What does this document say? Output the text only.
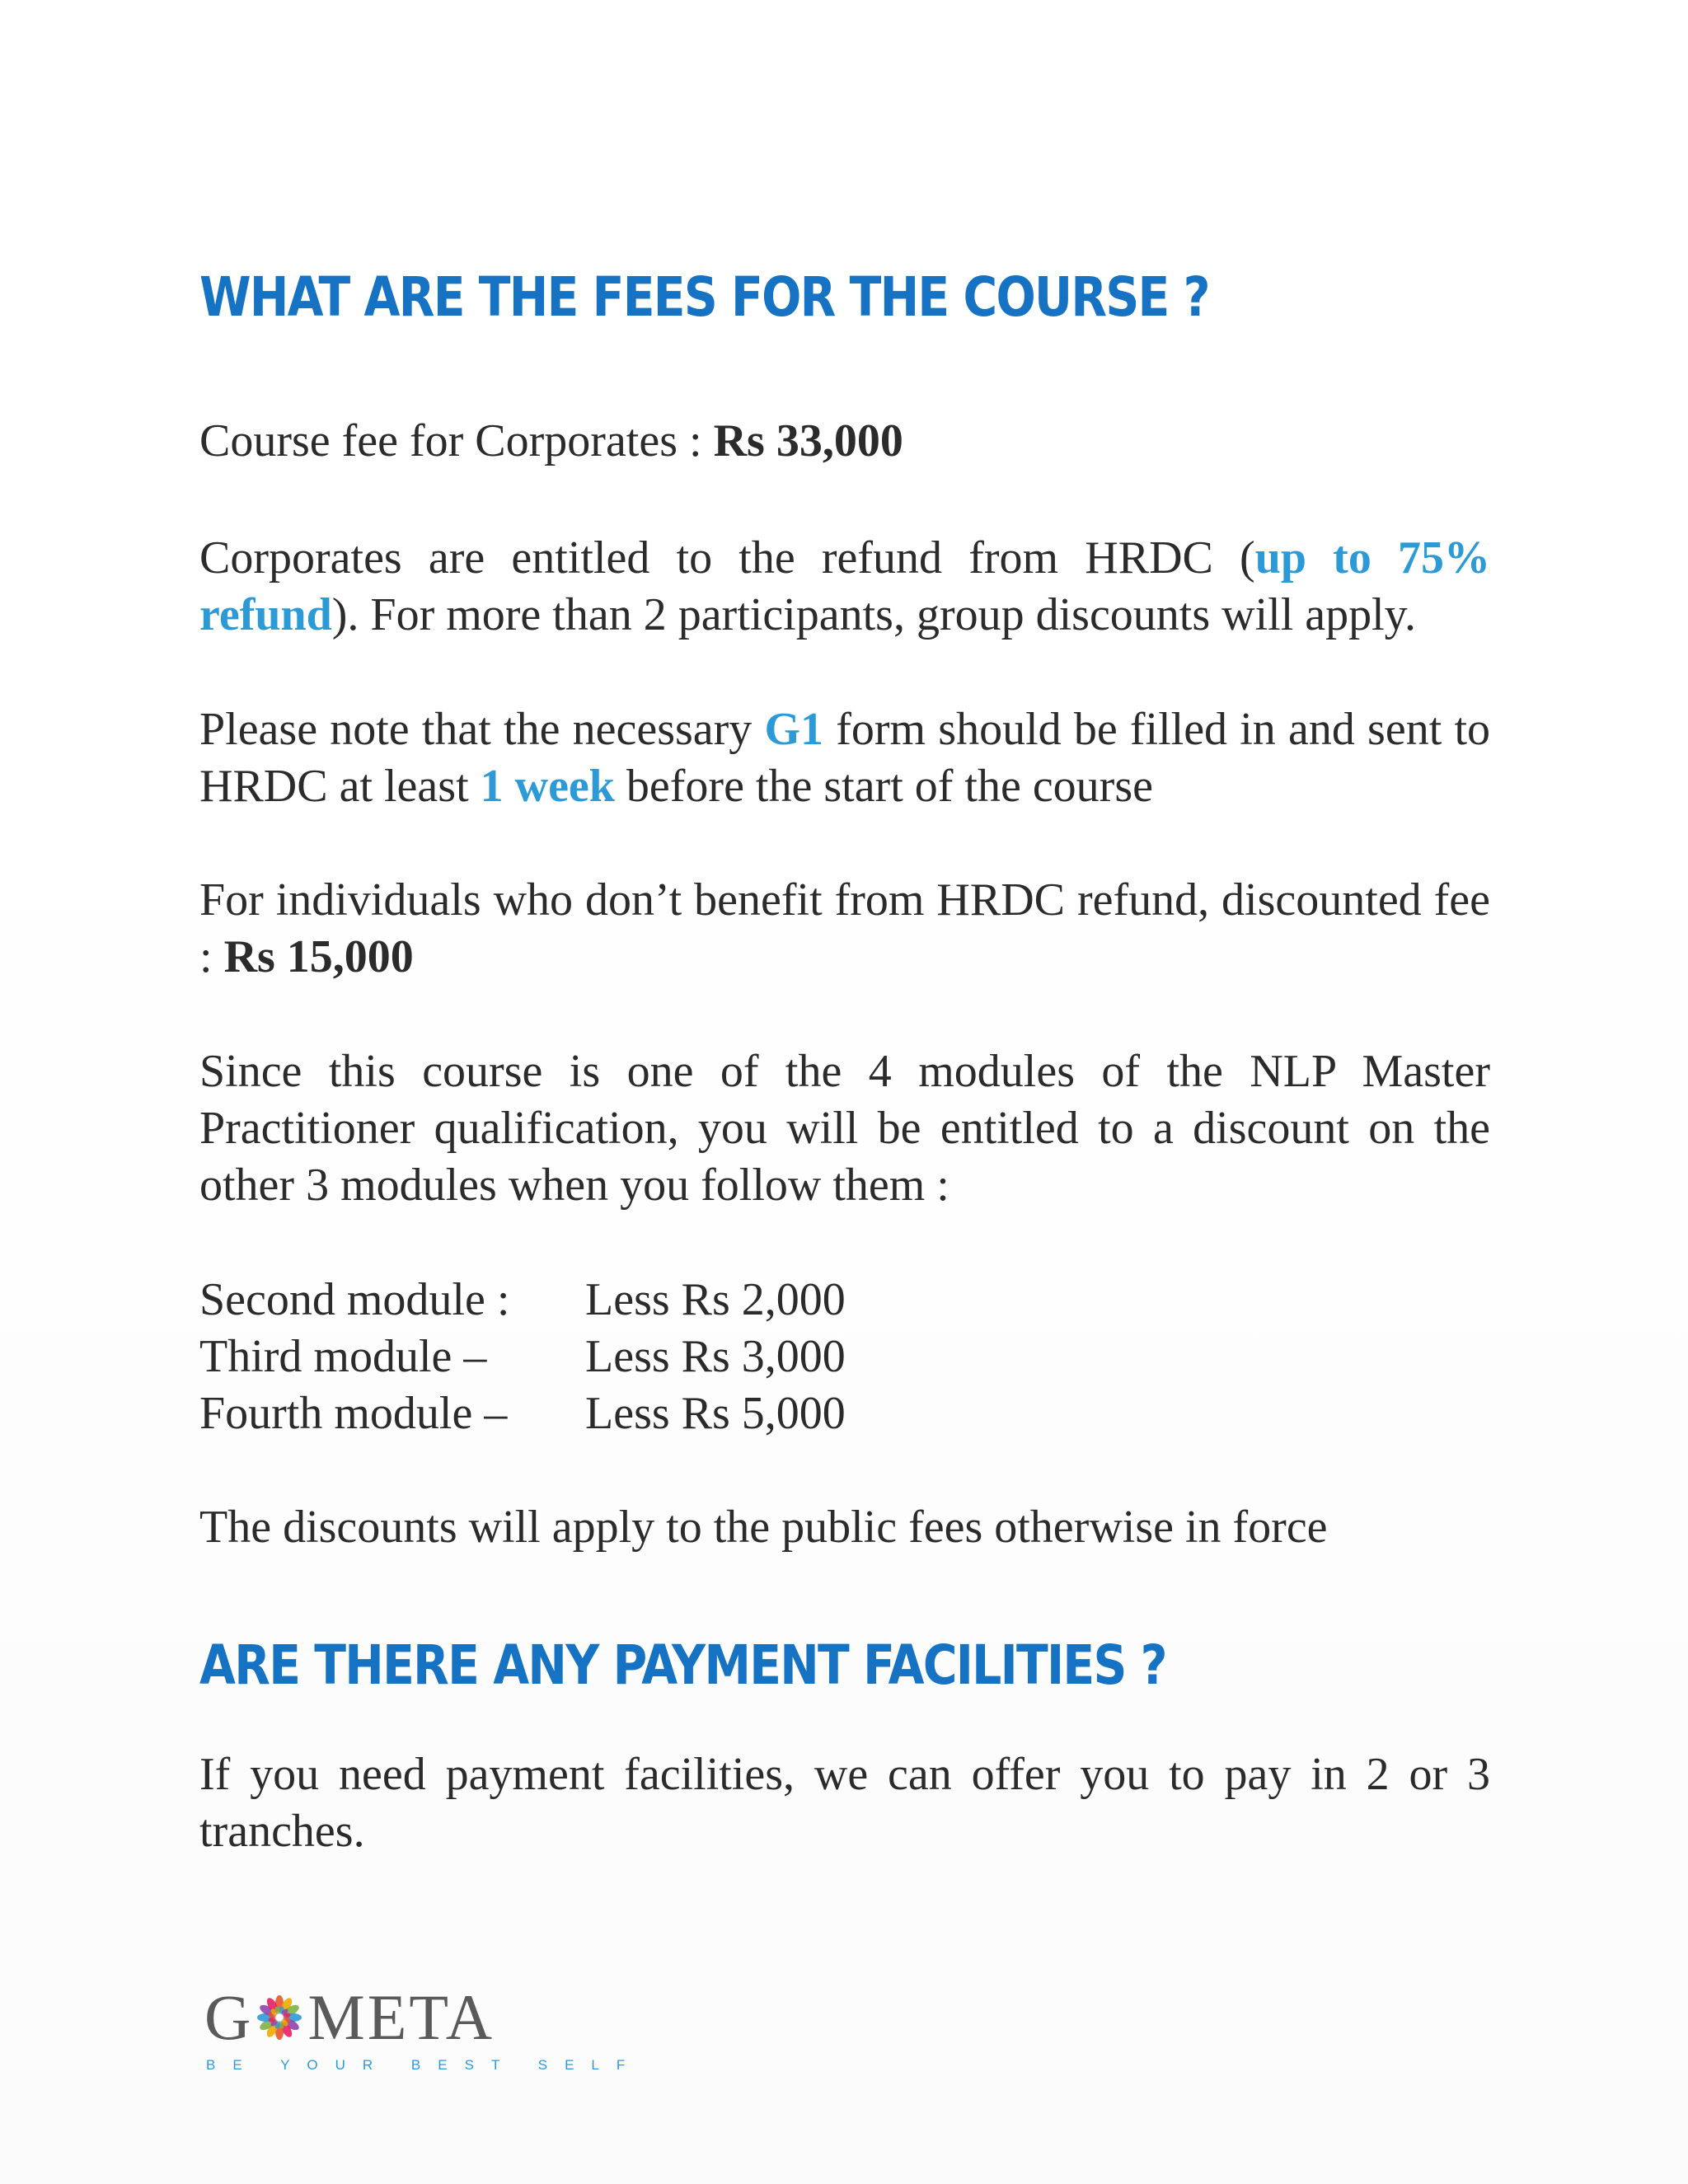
WHAT ARE THE FEES FOR THE COURSE ?

Course fee for Corporates : Rs 33,000

Corporates are entitled to the refund from HRDC (up to 75% refund). For more than 2 participants, group discounts will apply.

Please note that the necessary G1 form should be filled in and sent to HRDC at least 1 week before the start of the course

For individuals who don’t benefit from HRDC refund, discounted fee : Rs 15,000

Since this course is one of the 4 modules of the NLP Master Practitioner qualification, you will be entitled to a discount on the other 3 modules when you follow them :

Second module :	Less Rs 2,000
Third module –	Less Rs 3,000
Fourth module –	Less Rs 5,000

The discounts will apply to the public fees otherwise in force

ARE THERE ANY PAYMENT FACILITIES ?

If you need payment facilities, we can offer you to pay in 2 or 3 tranches.

G META
BE YOUR BEST SELF
